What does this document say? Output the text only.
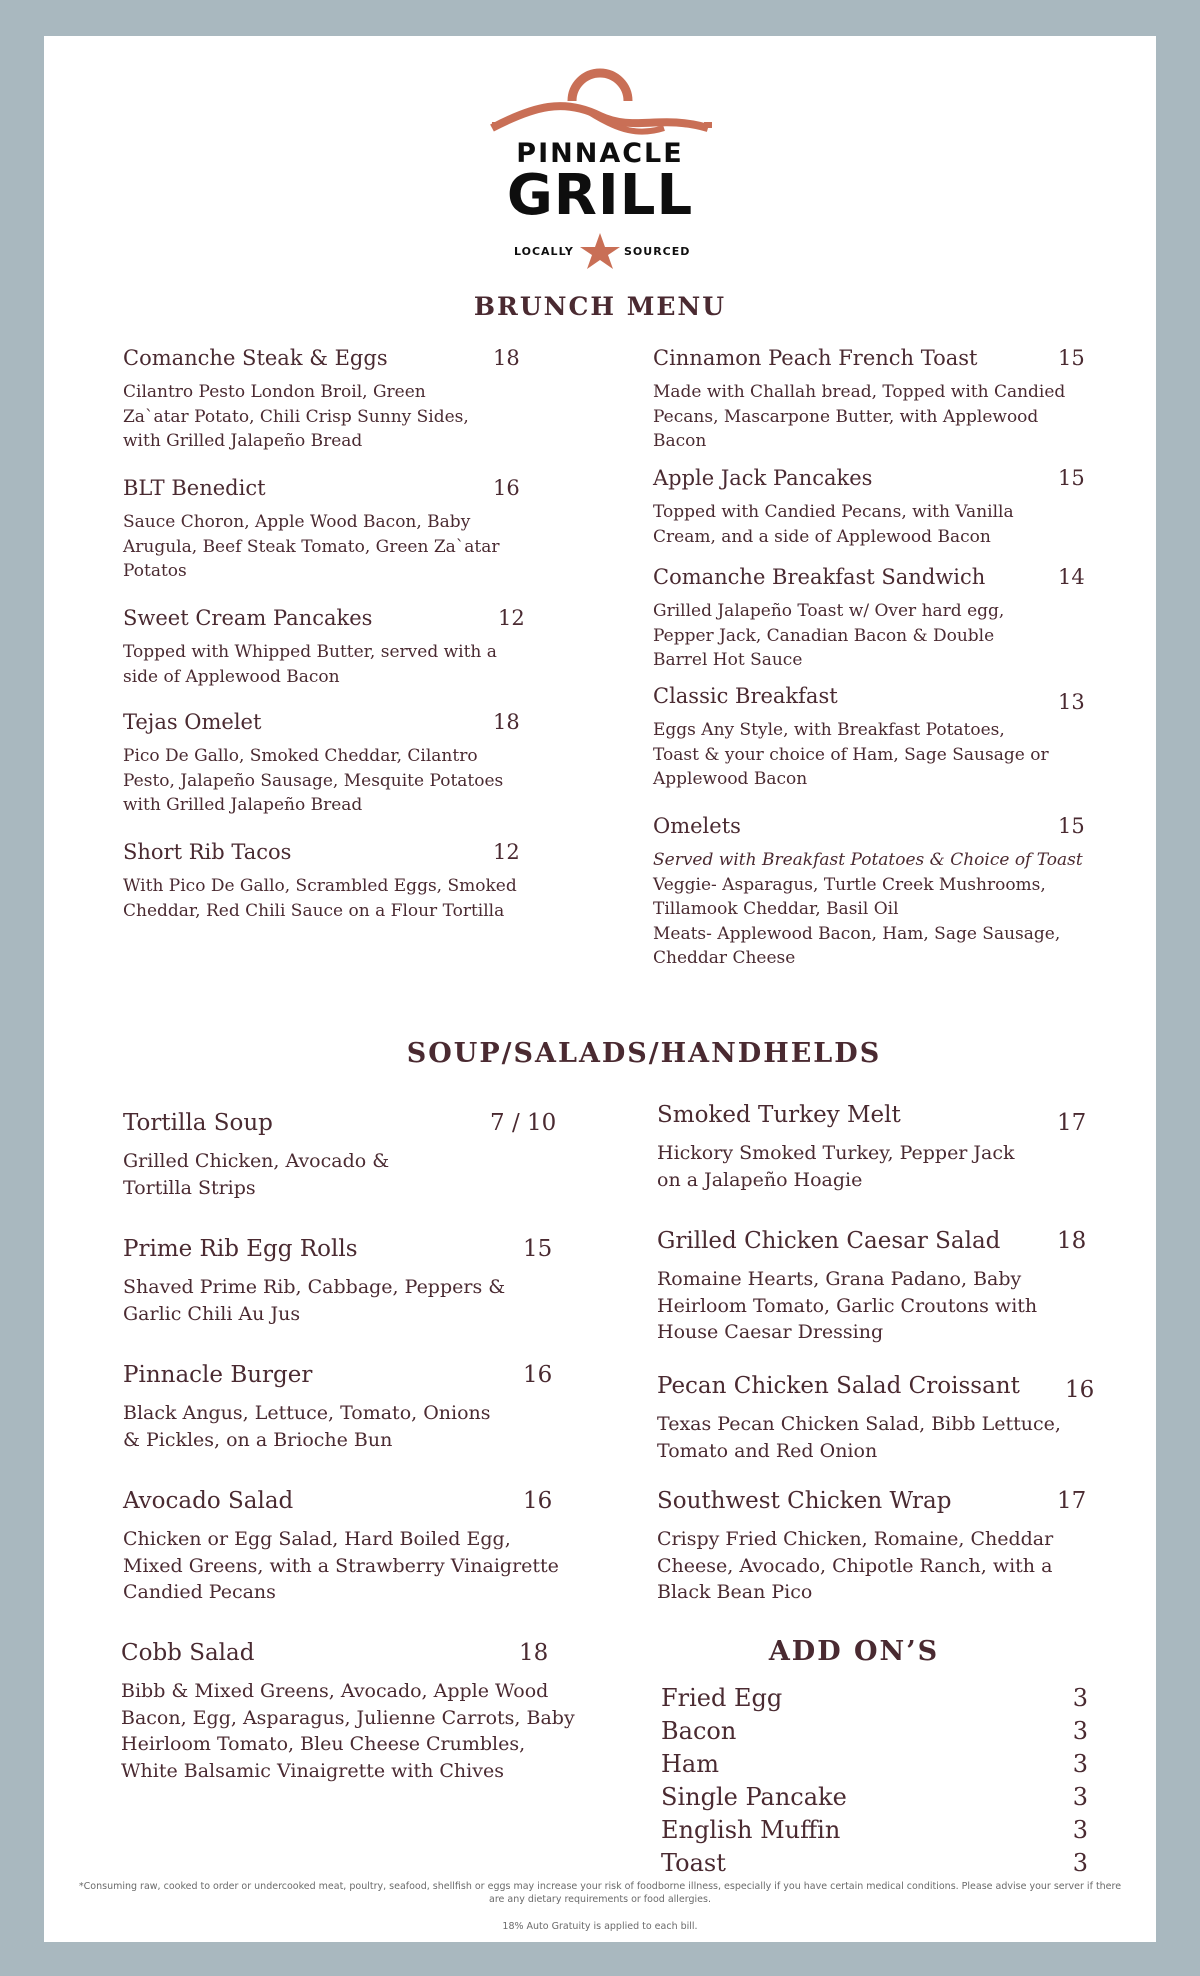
PINNACLE
GRILL
LOCALLY	SOURCED
BRUNCH MENU
Comanche Steak & Eggs	18
Cilantro Pesto London Broil, Green
Za`atar Potato, Chili Crisp Sunny Sides,
with Grilled Jalapeño Bread
BLT Benedict	16
Sauce Choron, Apple Wood Bacon, Baby
Arugula, Beef Steak Tomato, Green Za`atar
Potatos
Sweet Cream Pancakes	12
Topped with Whipped Butter, served with a
side of Applewood Bacon
Tejas Omelet	18
Pico De Gallo, Smoked Cheddar, Cilantro
Pesto, Jalapeño Sausage, Mesquite Potatoes
with Grilled Jalapeño Bread
Short Rib Tacos	12
With Pico De Gallo, Scrambled Eggs, Smoked
Cheddar, Red Chili Sauce on a Flour Tortilla
Cinnamon Peach French Toast	15
Made with Challah bread, Topped with Candied
Pecans, Mascarpone Butter, with Applewood
Bacon
Apple Jack Pancakes	15
Topped with Candied Pecans, with Vanilla
Cream, and a side of Applewood Bacon
Comanche Breakfast Sandwich	14
Grilled Jalapeño Toast w/ Over hard egg,
Pepper Jack, Canadian Bacon & Double
Barrel Hot Sauce
Classic Breakfast	13
Eggs Any Style, with Breakfast Potatoes,
Toast & your choice of Ham, Sage Sausage or
Applewood Bacon
Omelets	15
Served with Breakfast Potatoes & Choice of Toast
Veggie- Asparagus, Turtle Creek Mushrooms,
Tillamook Cheddar, Basil Oil
Meats- Applewood Bacon, Ham, Sage Sausage,
Cheddar Cheese
SOUP/SALADS/HANDHELDS
Tortilla Soup	7 / 10
Grilled Chicken, Avocado &
Tortilla Strips
Prime Rib Egg Rolls	15
Shaved Prime Rib, Cabbage, Peppers &
Garlic Chili Au Jus
Pinnacle Burger	16
Black Angus, Lettuce, Tomato, Onions
& Pickles, on a Brioche Bun
Avocado Salad	16
Chicken or Egg Salad, Hard Boiled Egg,
Mixed Greens, with a Strawberry Vinaigrette
Candied Pecans
Cobb Salad	18
Bibb & Mixed Greens, Avocado, Apple Wood
Bacon, Egg, Asparagus, Julienne Carrots, Baby
Heirloom Tomato, Bleu Cheese Crumbles,
White Balsamic Vinaigrette with Chives
Smoked Turkey Melt	17
Hickory Smoked Turkey, Pepper Jack
on a Jalapeño Hoagie
Grilled Chicken Caesar Salad 18
Romaine Hearts, Grana Padano, Baby
Heirloom Tomato, Garlic Croutons with
House Caesar Dressing
Pecan Chicken Salad Croissant 16
Texas Pecan Chicken Salad, Bibb Lettuce,
Tomato and Red Onion
Southwest Chicken Wrap	17
Crispy Fried Chicken, Romaine, Cheddar
Cheese, Avocado, Chipotle Ranch, with a
Black Bean Pico
ADD ON’S
Fried Egg	3
Bacon	3
Ham	3
Single Pancake	3
English Muffin	3
Toast	3
*Consuming raw, cooked to order or undercooked meat, poultry, seafood, shellfish or eggs may increase your risk of foodborne illness, especially if you have certain medical conditions. Please advise your server if there are any dietary requirements or food allergies.
18% Auto Gratuity is applied to each bill.
